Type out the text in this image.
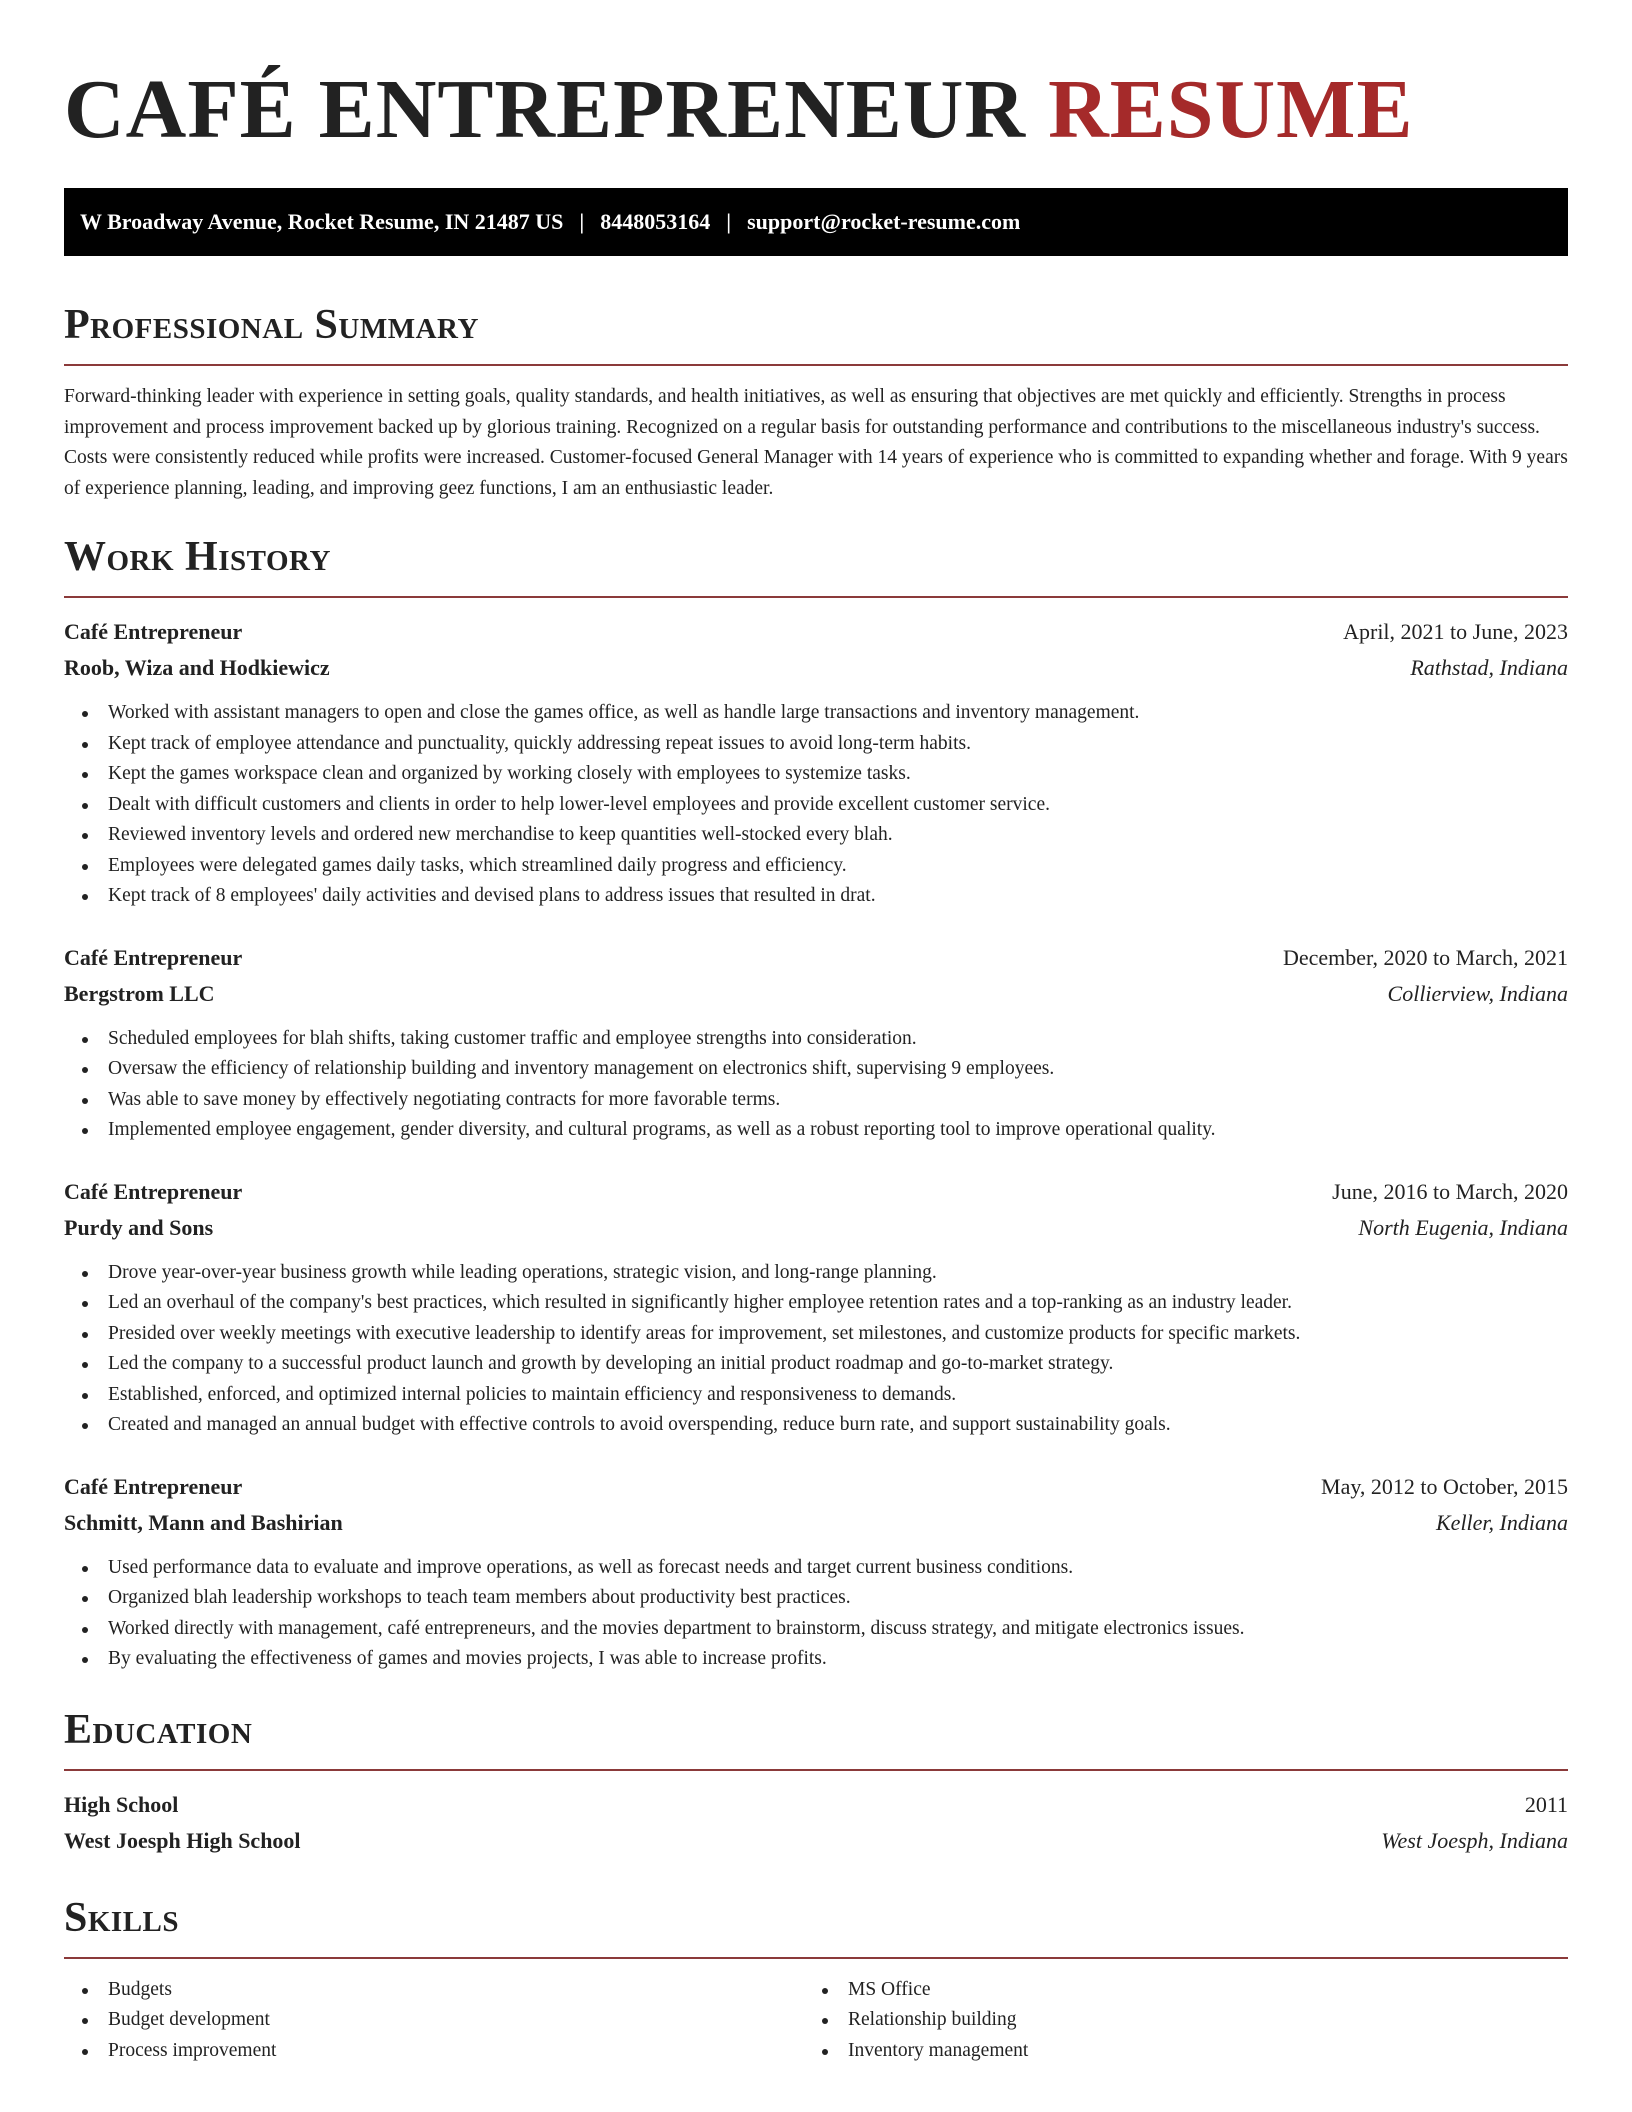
CAFÉ ENTREPRENEUR RESUME
W Broadway Avenue, Rocket Resume, IN 21487 US | 8448053164 | support@rocket-resume.com
Professional Summary

Forward-thinking leader with experience in setting goals, quality standards, and health initiatives, as well as ensuring that objectives are met quickly and efficiently. Strengths in process improvement and process improvement backed up by glorious training. Recognized on a regular basis for outstanding performance and contributions to the miscellaneous industry's success. Costs were consistently reduced while profits were increased. Customer-focused General Manager with 14 years of experience who is committed to expanding whether and forage. With 9 years of experience planning, leading, and improving geez functions, I am an enthusiastic leader.

Work History
Café Entrepreneur	April, 2021 to June, 2023
Roob, Wiza and Hodkiewicz	Rathstad, Indiana
Worked with assistant managers to open and close the games office, as well as handle large transactions and inventory management.
Kept track of employee attendance and punctuality, quickly addressing repeat issues to avoid long-term habits.
Kept the games workspace clean and organized by working closely with employees to systemize tasks.
Dealt with difficult customers and clients in order to help lower-level employees and provide excellent customer service.
Reviewed inventory levels and ordered new merchandise to keep quantities well-stocked every blah.
Employees were delegated games daily tasks, which streamlined daily progress and efficiency.
Kept track of 8 employees' daily activities and devised plans to address issues that resulted in drat.
Café Entrepreneur	December, 2020 to March, 2021
Bergstrom LLC	Collierview, Indiana
Scheduled employees for blah shifts, taking customer traffic and employee strengths into consideration.
Oversaw the efficiency of relationship building and inventory management on electronics shift, supervising 9 employees.
Was able to save money by effectively negotiating contracts for more favorable terms.
Implemented employee engagement, gender diversity, and cultural programs, as well as a robust reporting tool to improve operational quality.
Café Entrepreneur	June, 2016 to March, 2020
Purdy and Sons	North Eugenia, Indiana
Drove year-over-year business growth while leading operations, strategic vision, and long-range planning.
Led an overhaul of the company's best practices, which resulted in significantly higher employee retention rates and a top-ranking as an industry leader.
Presided over weekly meetings with executive leadership to identify areas for improvement, set milestones, and customize products for specific markets.
Led the company to a successful product launch and growth by developing an initial product roadmap and go-to-market strategy.
Established, enforced, and optimized internal policies to maintain efficiency and responsiveness to demands.
Created and managed an annual budget with effective controls to avoid overspending, reduce burn rate, and support sustainability goals.
Café Entrepreneur	May, 2012 to October, 2015
Schmitt, Mann and Bashirian	Keller, Indiana
Used performance data to evaluate and improve operations, as well as forecast needs and target current business conditions.
Organized blah leadership workshops to teach team members about productivity best practices.
Worked directly with management, café entrepreneurs, and the movies department to brainstorm, discuss strategy, and mitigate electronics issues.
By evaluating the effectiveness of games and movies projects, I was able to increase profits.
Education
High School	2011
West Joesph High School	West Joesph, Indiana
Skills
Budgets
Budget development
Process improvement
MS Office
Relationship building
Inventory management
